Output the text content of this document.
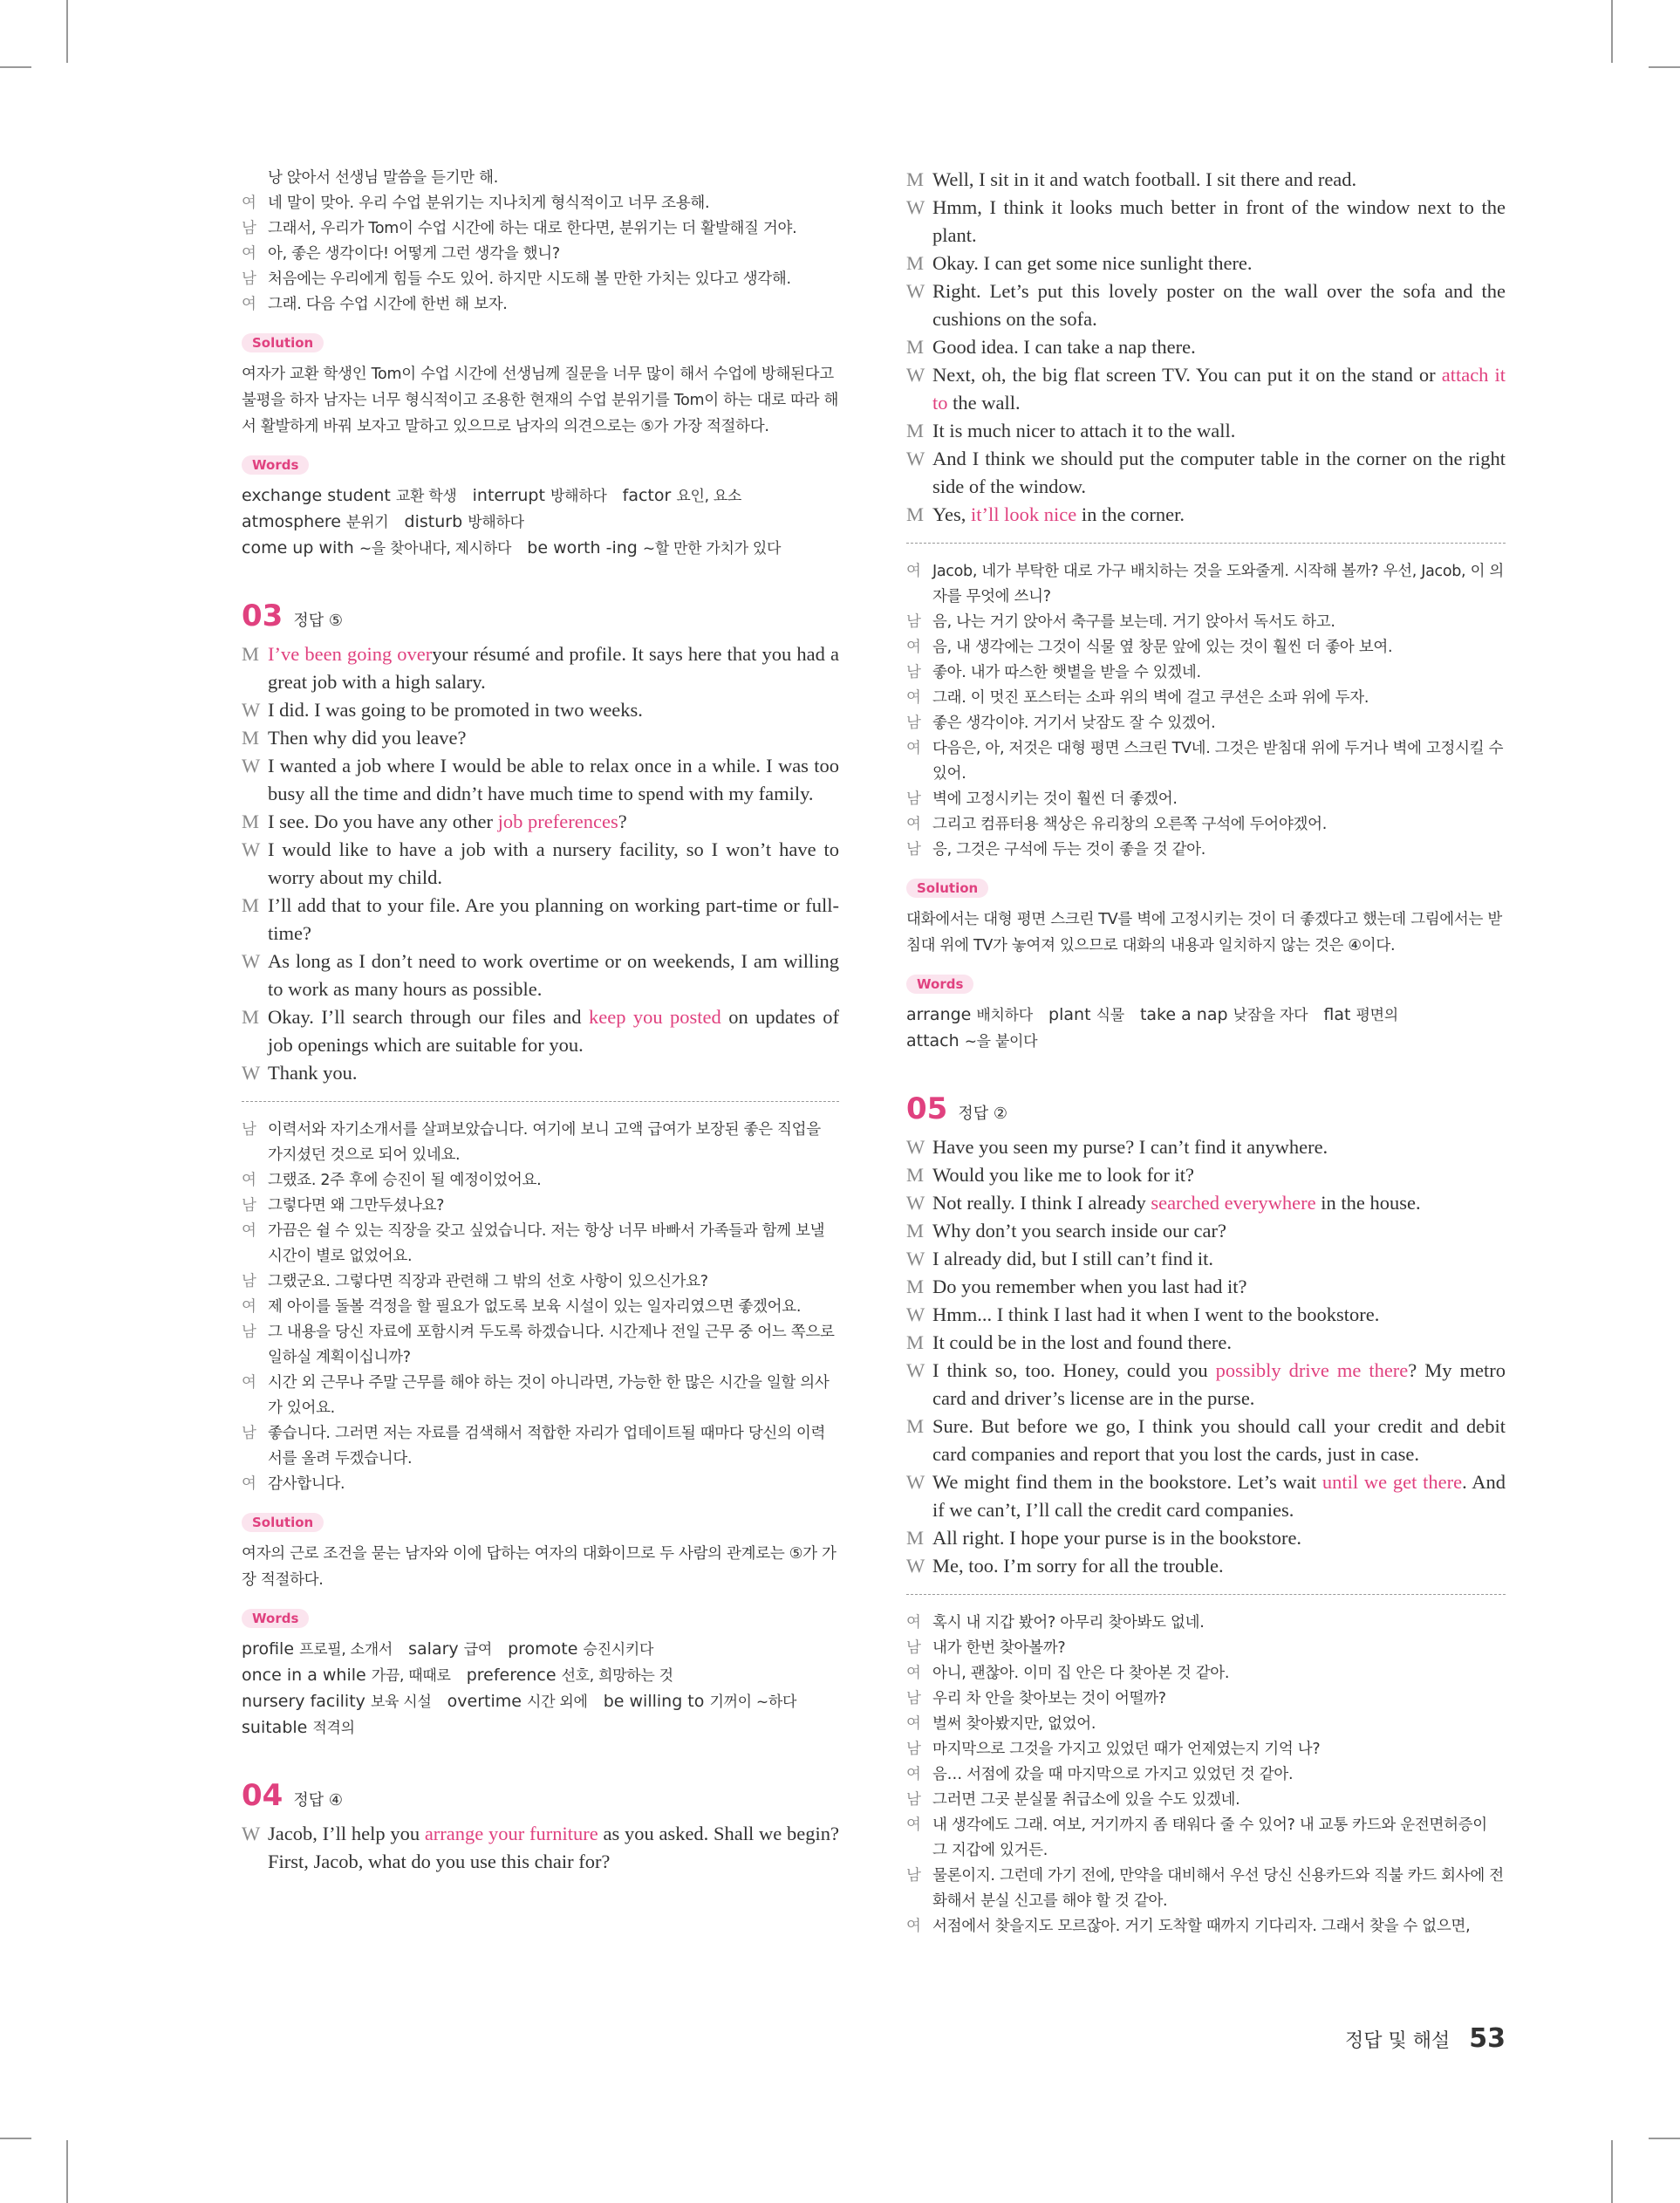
낭 앉아서 선생님 말씀을 듣기만 해.
여 네 말이 맞아. 우리 수업 분위기는 지나치게 형식적이고 너무 조용해.
남 그래서, 우리가 Tom이 수업 시간에 하는 대로 한다면, 분위기는 더 활발해질 거야.
여 아, 좋은 생각이다! 어떻게 그런 생각을 했니?
남 처음에는 우리에게 힘들 수도 있어. 하지만 시도해 볼 만한 가치는 있다고 생각해.
여 그래. 다음 수업 시간에 한번 해 보자.
Solution

여자가 교환 학생인 Tom이 수업 시간에 선생님께 질문을 너무 많이 해서 수업에 방해된다고 불평을 하자 남자는 너무 형식적이고 조용한 현재의 수업 분위기를 Tom이 하는 대로 따라 해서 활발하게 바꿔 보자고 말하고 있으므로 남자의 의견으로는 ⑤가 가장 적절하다.

Words

exchange student 교환 학생 interrupt 방해하다 factor 요인, 요소

atmosphere 분위기 disturb 방해하다

come up with ~을 찾아내다, 제시하다 be worth -ing ~할 만한 가치가 있다

03 정답 ⑤
M I’ve been going overyour résumé and profile. It says here that you had a great job with a high salary.
W I did. I was going to be promoted in two weeks.
M Then why did you leave?
W I wanted a job where I would be able to relax once in a while. I was too busy all the time and didn’t have much time to spend with my family.
M I see. Do you have any other job preferences?
W I would like to have a job with a nursery facility, so I won’t have to worry about my child.
M I’ll add that to your file. Are you planning on working part-time or full-time?
W As long as I don’t need to work overtime or on weekends, I am willing to work as many hours as possible.
M Okay. I’ll search through our files and keep you posted on updates of job openings which are suitable for you.
W Thank you.
남 이력서와 자기소개서를 살펴보았습니다. 여기에 보니 고액 급여가 보장된 좋은 직업을 가지셨던 것으로 되어 있네요.
여 그랬죠. 2주 후에 승진이 될 예정이었어요.
남 그렇다면 왜 그만두셨나요?
여 가끔은 쉴 수 있는 직장을 갖고 싶었습니다. 저는 항상 너무 바빠서 가족들과 함께 보낼 시간이 별로 없었어요.
남 그랬군요. 그렇다면 직장과 관련해 그 밖의 선호 사항이 있으신가요?
여 제 아이를 돌볼 걱정을 할 필요가 없도록 보육 시설이 있는 일자리였으면 좋겠어요.
남 그 내용을 당신 자료에 포함시켜 두도록 하겠습니다. 시간제나 전일 근무 중 어느 쪽으로 일하실 계획이십니까?
여 시간 외 근무나 주말 근무를 해야 하는 것이 아니라면, 가능한 한 많은 시간을 일할 의사가 있어요.
남 좋습니다. 그러면 저는 자료를 검색해서 적합한 자리가 업데이트될 때마다 당신의 이력서를 올려 두겠습니다.
여 감사합니다.
Solution

여자의 근로 조건을 묻는 남자와 이에 답하는 여자의 대화이므로 두 사람의 관계로는 ⑤가 가장 적절하다.

Words

profile 프로필, 소개서 salary 급여 promote 승진시키다

once in a while 가끔, 때때로 preference 선호, 희망하는 것

nursery facility 보육 시설 overtime 시간 외에 be willing to 기꺼이 ~하다

suitable 적격의

04 정답 ④
W Jacob, I’ll help you arrange your furniture as you asked. Shall we begin? First, Jacob, what do you use this chair for?
M Well, I sit in it and watch football. I sit there and read.
W Hmm, I think it looks much better in front of the window next to the plant.
M Okay. I can get some nice sunlight there.
W Right. Let’s put this lovely poster on the wall over the sofa and the cushions on the sofa.
M Good idea. I can take a nap there.
W Next, oh, the big flat screen TV. You can put it on the stand or attach it to the wall.
M It is much nicer to attach it to the wall.
W And I think we should put the computer table in the corner on the right side of the window.
M Yes, it’ll look nice in the corner.
여 Jacob, 네가 부탁한 대로 가구 배치하는 것을 도와줄게. 시작해 볼까? 우선, Jacob, 이 의자를 무엇에 쓰니?
남 음, 나는 거기 앉아서 축구를 보는데. 거기 앉아서 독서도 하고.
여 음, 내 생각에는 그것이 식물 옆 창문 앞에 있는 것이 훨씬 더 좋아 보여.
남 좋아. 내가 따스한 햇볕을 받을 수 있겠네.
여 그래. 이 멋진 포스터는 소파 위의 벽에 걸고 쿠션은 소파 위에 두자.
남 좋은 생각이야. 거기서 낮잠도 잘 수 있겠어.
여 다음은, 아, 저것은 대형 평면 스크린 TV네. 그것은 받침대 위에 두거나 벽에 고정시킬 수 있어.
남 벽에 고정시키는 것이 훨씬 더 좋겠어.
여 그리고 컴퓨터용 책상은 유리창의 오른쪽 구석에 두어야겠어.
남 응, 그것은 구석에 두는 것이 좋을 것 같아.
Solution

대화에서는 대형 평면 스크린 TV를 벽에 고정시키는 것이 더 좋겠다고 했는데 그림에서는 받침대 위에 TV가 놓여져 있으므로 대화의 내용과 일치하지 않는 것은 ④이다.

Words

arrange 배치하다 plant 식물 take a nap 낮잠을 자다 flat 평면의

attach ~을 붙이다

05 정답 ②
W Have you seen my purse? I can’t find it anywhere.
M Would you like me to look for it?
W Not really. I think I already searched everywhere in the house.
M Why don’t you search inside our car?
W I already did, but I still can’t find it.
M Do you remember when you last had it?
W Hmm... I think I last had it when I went to the bookstore.
M It could be in the lost and found there.
W I think so, too. Honey, could you possibly drive me there? My metro card and driver’s license are in the purse.
M Sure. But before we go, I think you should call your credit and debit card companies and report that you lost the cards, just in case.
W We might find them in the bookstore. Let’s wait until we get there. And if we can’t, I’ll call the credit card companies.
M All right. I hope your purse is in the bookstore.
W Me, too. I’m sorry for all the trouble.
여 혹시 내 지갑 봤어? 아무리 찾아봐도 없네.
남 내가 한번 찾아볼까?
여 아니, 괜찮아. 이미 집 안은 다 찾아본 것 같아.
남 우리 차 안을 찾아보는 것이 어떨까?
여 벌써 찾아봤지만, 없었어.
남 마지막으로 그것을 가지고 있었던 때가 언제였는지 기억 나?
여 음… 서점에 갔을 때 마지막으로 가지고 있었던 것 같아.
남 그러면 그곳 분실물 취급소에 있을 수도 있겠네.
여 내 생각에도 그래. 여보, 거기까지 좀 태워다 줄 수 있어? 내 교통 카드와 운전면허증이 그 지갑에 있거든.
남 물론이지. 그런데 가기 전에, 만약을 대비해서 우선 당신 신용카드와 직불 카드 회사에 전화해서 분실 신고를 해야 할 것 같아.
여 서점에서 찾을지도 모르잖아. 거기 도착할 때까지 기다리자. 그래서 찾을 수 없으면,
정답 및 해설 53
